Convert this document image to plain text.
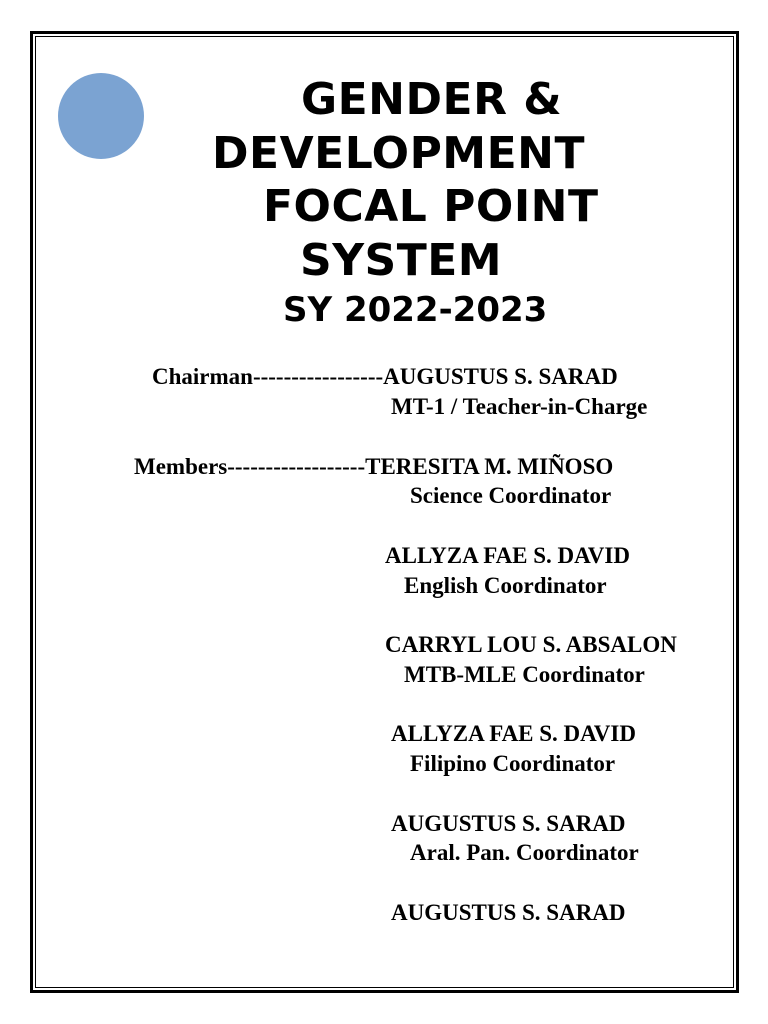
GENDER &
DEVELOPMENT
FOCAL POINT
SYSTEM
SY 2022-2023
Chairman-----------------AUGUSTUS S. SARAD
MT-1 / Teacher-in-Charge
Members------------------TERESITA M. MIÑOSO
Science Coordinator
ALLYZA FAE S. DAVID
English Coordinator
CARRYL LOU S. ABSALON
MTB-MLE Coordinator
ALLYZA FAE S. DAVID
Filipino Coordinator
AUGUSTUS S. SARAD
Aral. Pan. Coordinator
AUGUSTUS S. SARAD
